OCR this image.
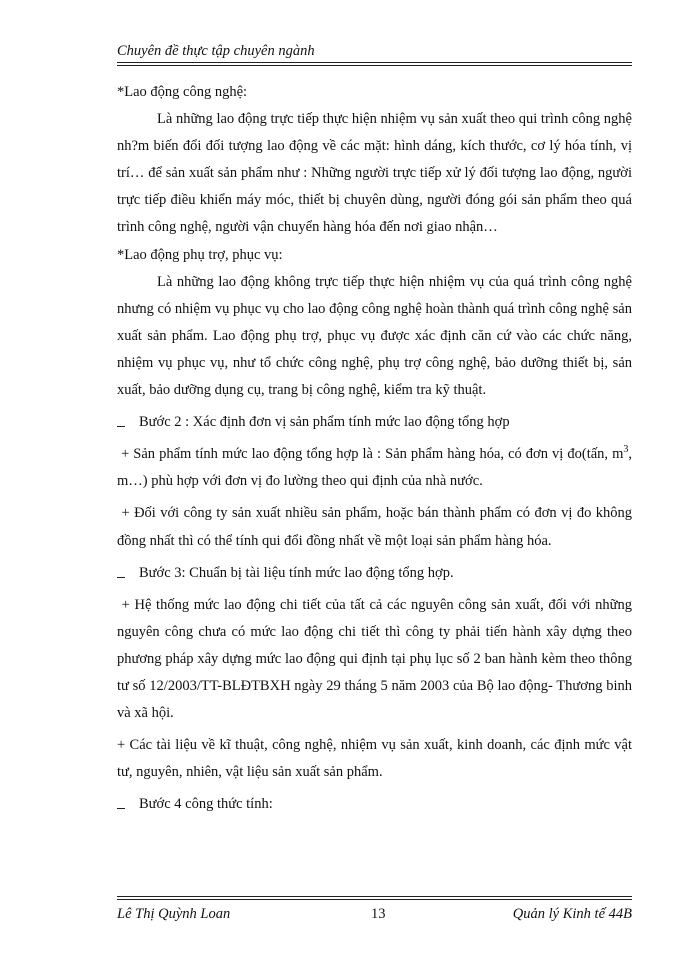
Chuyên đề thực tập chuyên ngành

*Lao động công nghệ:

Là những lao động trực tiếp thực hiện nhiệm vụ sản xuất theo qui trình công nghệ nh?m biến đổi đối tượng lao động về các mặt: hình dáng, kích thước, cơ lý hóa tính, vị trí… để sản xuất sản phẩm như : Những người trực tiếp xử lý đối tượng lao động, người trực tiếp điều khiển máy móc, thiết bị chuyên dùng, người đóng gói sản phẩm theo quá trình công nghệ, người vận chuyển hàng hóa đến nơi giao nhận…

*Lao động phụ trợ, phục vụ:

Là những lao động không trực tiếp thực hiện nhiệm vụ của quá trình công nghệ nhưng có nhiệm vụ phục vụ cho lao động công nghệ hoàn thành quá trình công nghệ sản xuất sản phẩm. Lao động phụ trợ, phục vụ được xác định căn cứ vào các chức năng, nhiệm vụ phục vụ, như tổ chức công nghệ, phụ trợ công nghệ, bảo dưỡng thiết bị, sản xuất, bảo dưỡng dụng cụ, trang bị công nghệ, kiểm tra kỹ thuật.

Bước 2 : Xác định đơn vị sản phẩm tính mức lao động tổng hợp

+ Sản phẩm tính mức lao động tổng hợp là : Sản phẩm hàng hóa, có đơn vị đo(tấn, $m^3$, m…) phù hợp với đơn vị đo lường theo qui định của nhà nước.

+ Đối với công ty sản xuất nhiều sản phẩm, hoặc bán thành phẩm có đơn vị đo không đồng nhất thì có thể tính qui đổi đồng nhất về một loại sản phẩm hàng hóa.

Bước 3: Chuẩn bị tài liệu tính mức lao động tổng hợp.

+ Hệ thống mức lao động chi tiết của tất cả các nguyên công sản xuất, đối với những nguyên công chưa có mức lao động chi tiết thì công ty phải tiến hành xây dựng theo phương pháp xây dựng mức lao động qui định tại phụ lục số 2 ban hành kèm theo thông tư số 12/2003/TT-BLĐTBXH ngày 29 tháng 5 năm 2003 của Bộ lao động- Thương binh và xã hội.

+ Các tài liệu về kĩ thuật, công nghệ, nhiệm vụ sản xuất, kinh doanh, các định mức vật tư, nguyên, nhiên, vật liệu sản xuất sản phẩm.

Bước 4 công thức tính:

Lê Thị Quỳnh Loan	13	Quản lý Kinh tế 44B
